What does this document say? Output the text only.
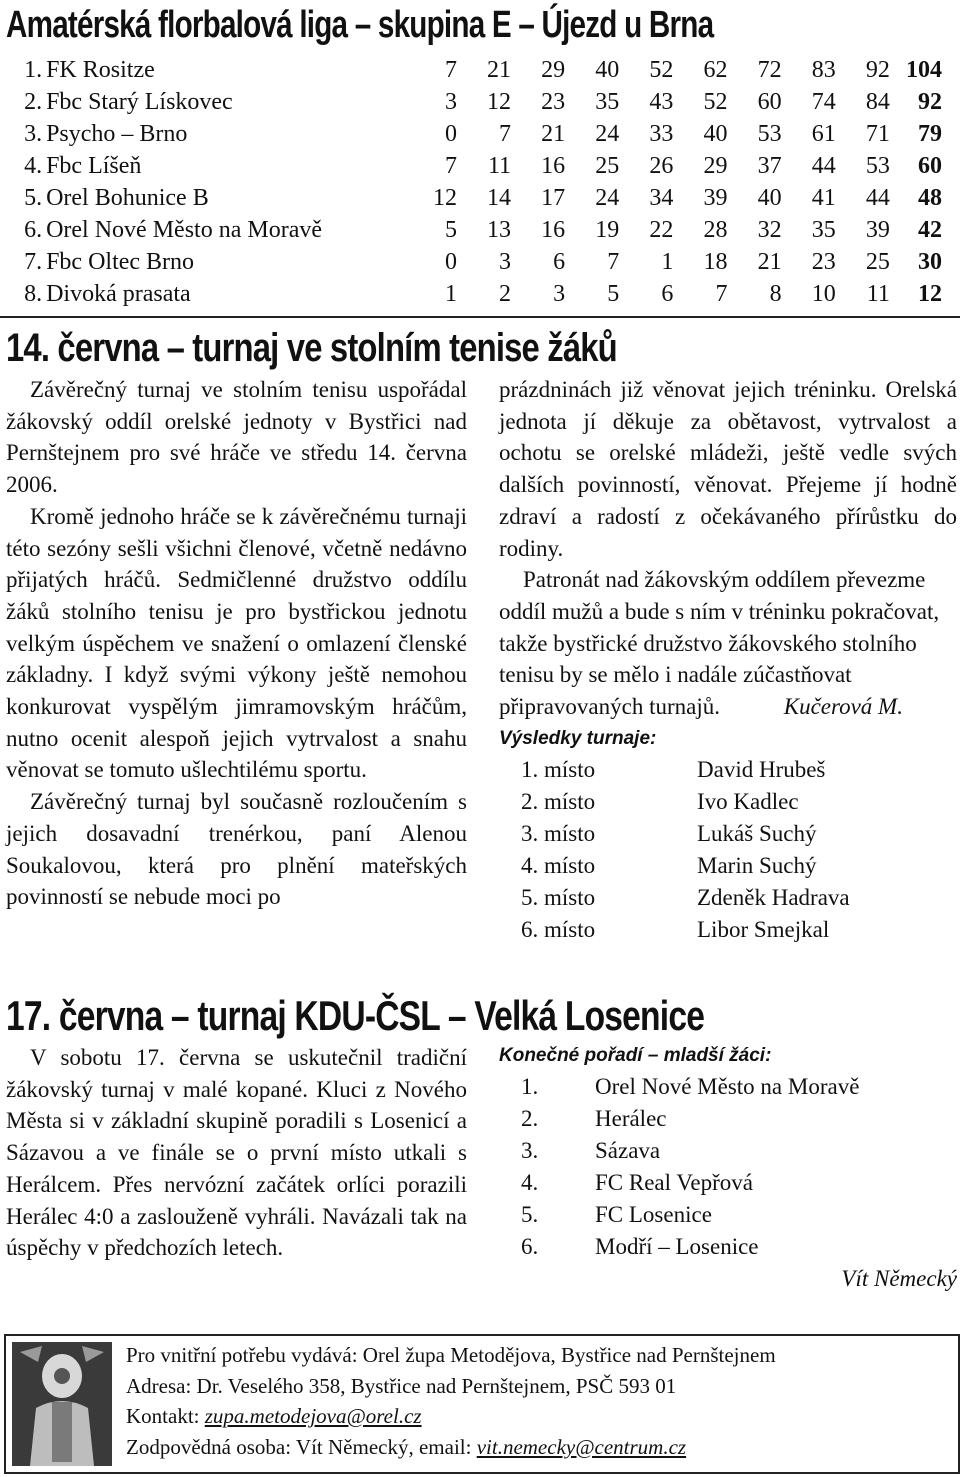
Amatérská florbalová liga – skupina E – Újezd u Brna
1.	FK Rositze	7	21	29	40	52	62	72	83	92	104
2.	Fbc Starý Lískovec	3	12	23	35	43	52	60	74	84	92
3.	Psycho – Brno	0	7	21	24	33	40	53	61	71	79
4.	Fbc Líšeň	7	11	16	25	26	29	37	44	53	60
5.	Orel Bohunice B	12	14	17	24	34	39	40	41	44	48
6.	Orel Nové Město na Moravě	5	13	16	19	22	28	32	35	39	42
7.	Fbc Oltec Brno	0	3	6	7	1	18	21	23	25	30
8.	Divoká prasata	1	2	3	5	6	7	8	10	11	12
14. června – turnaj ve stolním tenise žáků

Závěrečný turnaj ve stolním tenisu uspořádal žákovský oddíl orelské jednoty v Bystřici nad Pernštejnem pro své hráče ve středu 14. června 2006.

Kromě jednoho hráče se k závěrečnému turnaji této sezóny sešli všichni členové, včetně nedávno přijatých hráčů. Sedmičlenné družstvo oddílu žáků stolního tenisu je pro bystřickou jednotu velkým úspěchem ve snažení o omlazení členské základny. I když svými výkony ještě nemohou konkurovat vyspělým jimramovským hráčům, nutno ocenit alespoň jejich vytrvalost a snahu věnovat se tomuto ušlechtilému sportu.

Závěrečný turnaj byl současně rozloučením s jejich dosavadní trenérkou, paní Alenou Soukalovou, která pro plnění mateřských povinností se nebude moci po

prázdninách již věnovat jejich tréninku. Orelská jednota jí děkuje za obětavost, vytrvalost a ochotu se orelské mládeži, ještě vedle svých dalších povinností, věnovat. Přejeme jí hodně zdraví a radostí z očekávaného přírůstku do rodiny.

Patronát nad žákovským oddílem převezme oddíl mužů a bude s ním v tréninku pokračovat, takže bystřické družstvo žákovského stolního tenisu by se mělo i nadále zúčastňovat připravovaných turnajů.	Kučerová M.

Výsledky turnaje:
1. místo	David Hrubeš
2. místo	Ivo Kadlec
3. místo	Lukáš Suchý
4. místo	Marin Suchý
5. místo	Zdeněk Hadrava
6. místo	Libor Smejkal
17. června – turnaj KDU-ČSL – Velká Losenice

V sobotu 17. června se uskutečnil tradiční žákovský turnaj v malé kopané. Kluci z Nového Města si v základní skupině poradili s Losenicí a Sázavou a ve finále se o první místo utkali s Herálcem. Přes nervózní začátek orlíci porazili Herálec 4:0 a zaslouženě vyhráli. Navázali tak na úspěchy v předchozích letech.

Konečné pořadí – mladší žáci:
1.	Orel Nové Město na Moravě
2.	Herálec
3.	Sázava
4.	FC Real Vepřová
5.	FC Losenice
6.	Modří – Losenice
Vít Německý
Pro vnitřní potřebu vydává: Orel župa Metodějova, Bystřice nad Pernštejnem
Adresa: Dr. Veselého 358, Bystřice nad Pernštejnem, PSČ 593 01
Kontakt: zupa.metodejova@orel.cz
Zodpovědná osoba: Vít Německý, email: vit.nemecky@centrum.cz
